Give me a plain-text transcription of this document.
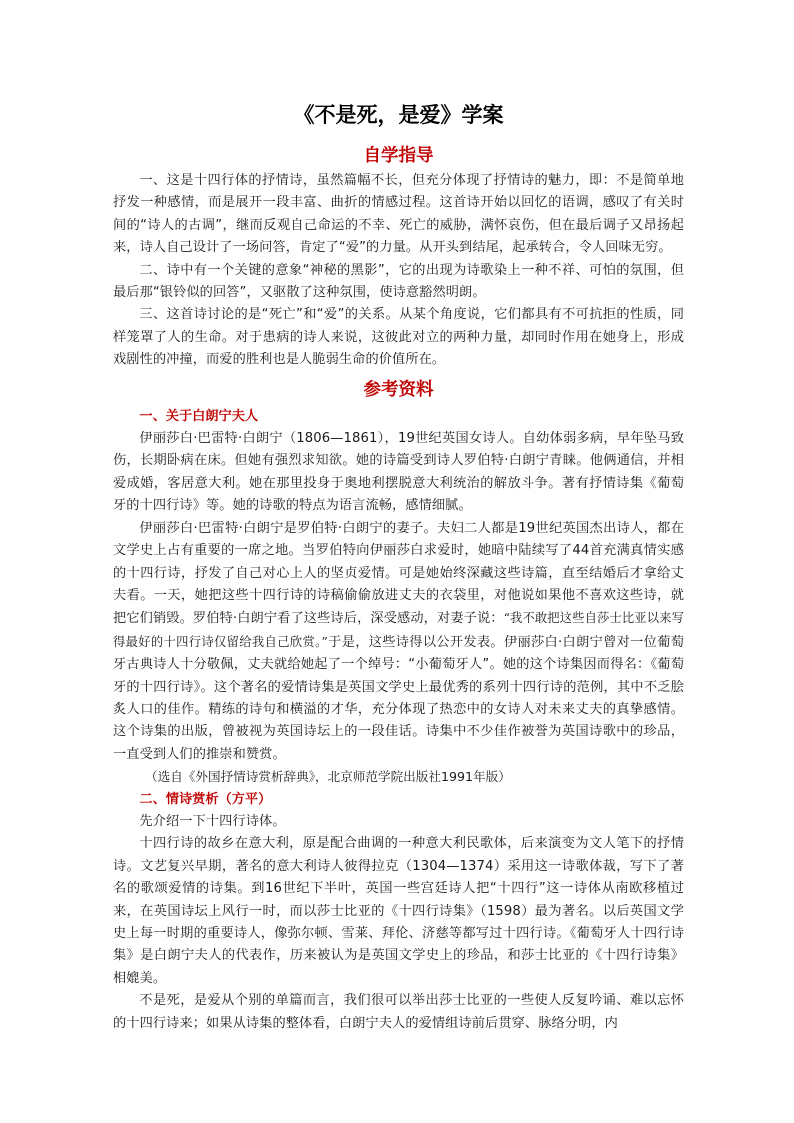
《不是死，是爱》学案
自学指导

一、这是十四行体的抒情诗，虽然篇幅不长，但充分体现了抒情诗的魅力，即：不是简单地抒发一种感情，而是展开一段丰富、曲折的情感过程。这首诗开始以回忆的语调，感叹了有关时间的“诗人的古调”，继而反观自己命运的不幸、死亡的威胁，满怀哀伤，但在最后调子又昂扬起来，诗人自己设计了一场问答，肯定了“爱”的力量。从开头到结尾，起承转合，令人回味无穷。

二、诗中有一个关键的意象“神秘的黑影”，它的出现为诗歌染上一种不祥、可怕的氛围，但最后那“银铃似的回答”，又驱散了这种氛围，使诗意豁然明朗。

三、这首诗讨论的是“死亡”和“爱”的关系。从某个角度说，它们都具有不可抗拒的性质，同样笼罩了人的生命。对于患病的诗人来说，这彼此对立的两种力量，却同时作用在她身上，形成戏剧性的冲撞，而爱的胜利也是人脆弱生命的价值所在。

参考资料

一、关于白朗宁夫人

伊丽莎白·巴雷特·白朗宁（1806—1861），19世纪英国女诗人。自幼体弱多病，早年坠马致伤，长期卧病在床。但她有强烈求知欲。她的诗篇受到诗人罗伯特·白朗宁青睐。他俩通信，并相爱成婚，客居意大利。她在那里投身于奥地利摆脱意大利统治的解放斗争。著有抒情诗集《葡萄牙的十四行诗》等。她的诗歌的特点为语言流畅，感情细腻。

伊丽莎白·巴雷特·白朗宁是罗伯特·白朗宁的妻子。夫妇二人都是19世纪英国杰出诗人，都在文学史上占有重要的一席之地。当罗伯特向伊丽莎白求爱时，她暗中陆续写了44首充满真情实感的十四行诗，抒发了自己对心上人的坚贞爱情。可是她始终深藏这些诗篇，直至结婚后才拿给丈夫看。一天，她把这些十四行诗的诗稿偷偷放进丈夫的衣袋里，对他说如果他不喜欢这些诗，就把它们销毁。罗伯特·白朗宁看了这些诗后，深受感动，对妻子说：“我不敢把这些自莎士比亚以来写得最好的十四行诗仅留给我自己欣赏。”于是，这些诗得以公开发表。伊丽莎白·白朗宁曾对一位葡萄牙古典诗人十分敬佩，丈夫就给她起了一个绰号：“小葡萄牙人”。她的这个诗集因而得名：《葡萄牙的十四行诗》。这个著名的爱情诗集是英国文学史上最优秀的系列十四行诗的范例，其中不乏脍炙人口的佳作。精练的诗句和横溢的才华，充分体现了热恋中的女诗人对未来丈夫的真挚感情。这个诗集的出版，曾被视为英国诗坛上的一段佳话。诗集中不少佳作被誉为英国诗歌中的珍品，一直受到人们的推崇和赞赏。

（选自《外国抒情诗赏析辞典》，北京师范学院出版社1991年版）

二、情诗赏析（方平）

先介绍一下十四行诗体。

十四行诗的故乡在意大利，原是配合曲调的一种意大利民歌体，后来演变为文人笔下的抒情诗。文艺复兴早期，著名的意大利诗人彼得拉克（1304—1374）采用这一诗歌体裁，写下了著名的歌颂爱情的诗集。到16世纪下半叶，英国一些宫廷诗人把“十四行”这一诗体从南欧移植过来，在英国诗坛上风行一时，而以莎士比亚的《十四行诗集》（1598）最为著名。以后英国文学史上每一时期的重要诗人，像弥尔顿、雪莱、拜伦、济慈等都写过十四行诗。《葡萄牙人十四行诗集》是白朗宁夫人的代表作，历来被认为是英国文学史上的珍品，和莎士比亚的《十四行诗集》相媲美。

不是死，是爱从个别的单篇而言，我们很可以举出莎士比亚的一些使人反复吟诵、难以忘怀的十四行诗来；如果从诗集的整体看，白朗宁夫人的爱情组诗前后贯穿、脉络分明，内
